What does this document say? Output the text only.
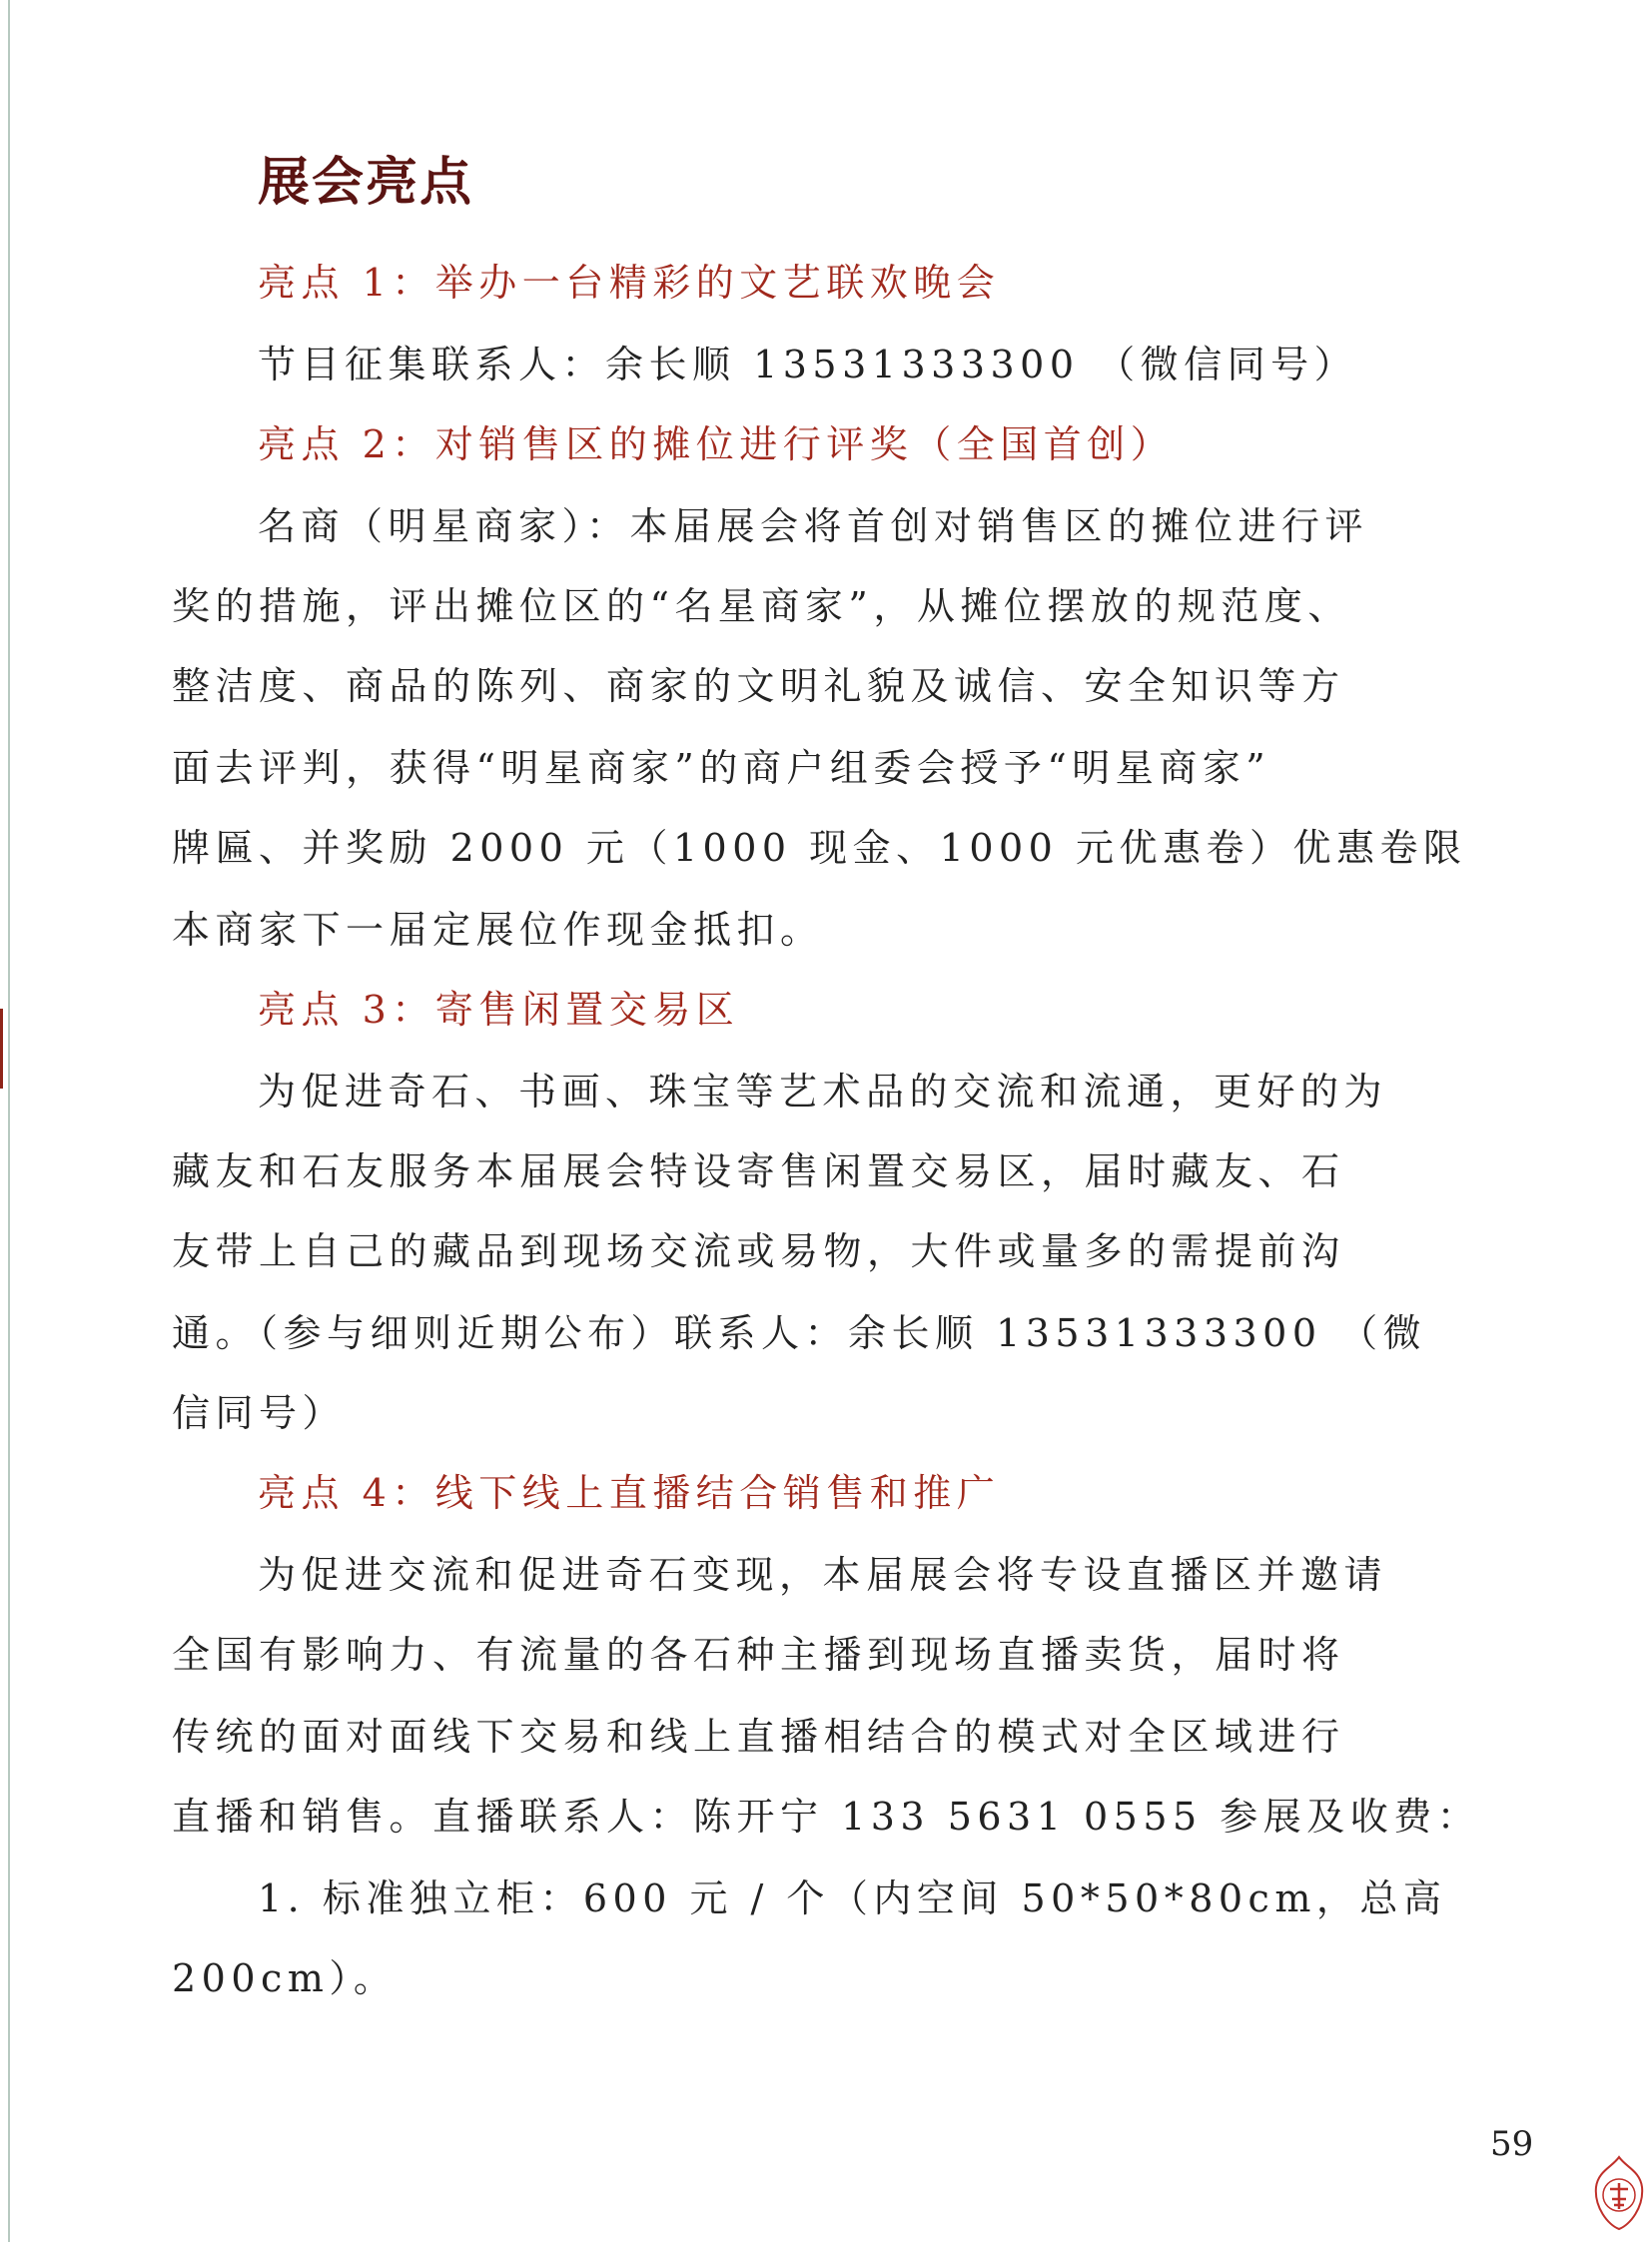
展会亮点

亮点 1：举办一台精彩的文艺联欢晚会

节目征集联系人：余长顺 13531333300 （微信同号）

亮点 2：对销售区的摊位进行评奖（全国首创）

名商（明星商家）：本届展会将首创对销售区的摊位进行评

奖的措施，评出摊位区的“名星商家”，从摊位摆放的规范度、

整洁度、商品的陈列、商家的文明礼貌及诚信、安全知识等方

面去评判，获得“明星商家”的商户组委会授予“明星商家”

牌匾、并奖励 2000 元（1000 现金、1000 元优惠卷）优惠卷限

本商家下一届定展位作现金抵扣。

亮点 3：寄售闲置交易区

为促进奇石、书画、珠宝等艺术品的交流和流通，更好的为

藏友和石友服务本届展会特设寄售闲置交易区，届时藏友、石

友带上自己的藏品到现场交流或易物，大件或量多的需提前沟

通。（参与细则近期公布）联系人：余长顺 13531333300 （微

信同号）

亮点 4：线下线上直播结合销售和推广

为促进交流和促进奇石变现，本届展会将专设直播区并邀请

全国有影响力、有流量的各石种主播到现场直播卖货，届时将

传统的面对面线下交易和线上直播相结合的模式对全区域进行

直播和销售。直播联系人：陈开宁 133 5631 0555 参展及收费：

1. 标准独立柜：600 元 / 个（内空间 50*50*80cm，总高

200cm）。

59
